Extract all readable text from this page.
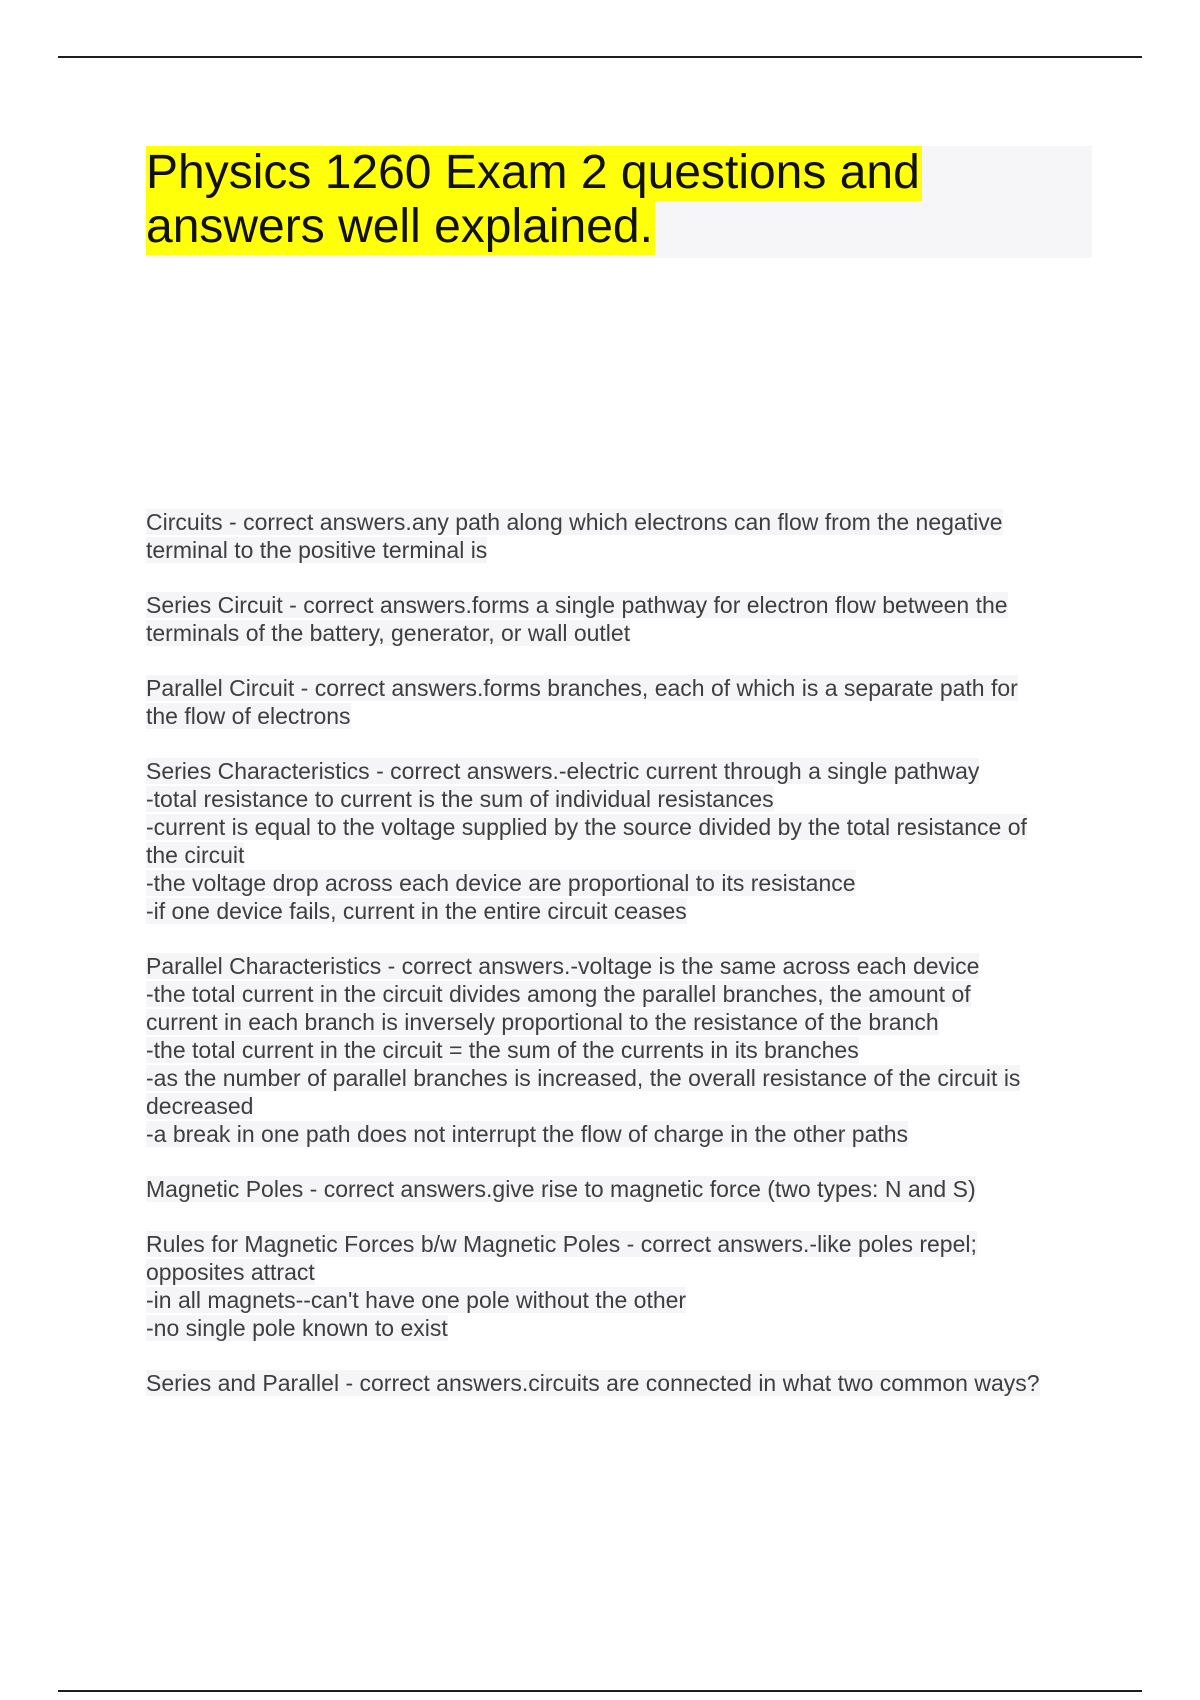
Physics 1260 Exam 2 questions and
answers well explained.
Circuits - correct answers.any path along which electrons can flow from the negative
terminal to the positive terminal is
Series Circuit - correct answers.forms a single pathway for electron flow between the
terminals of the battery, generator, or wall outlet
Parallel Circuit - correct answers.forms branches, each of which is a separate path for
the flow of electrons
Series Characteristics - correct answers.-electric current through a single pathway
-total resistance to current is the sum of individual resistances
-current is equal to the voltage supplied by the source divided by the total resistance of
the circuit
-the voltage drop across each device are proportional to its resistance
-if one device fails, current in the entire circuit ceases
Parallel Characteristics - correct answers.-voltage is the same across each device
-the total current in the circuit divides among the parallel branches, the amount of
current in each branch is inversely proportional to the resistance of the branch
-the total current in the circuit = the sum of the currents in its branches
-as the number of parallel branches is increased, the overall resistance of the circuit is
decreased
-a break in one path does not interrupt the flow of charge in the other paths
Magnetic Poles - correct answers.give rise to magnetic force (two types: N and S)
Rules for Magnetic Forces b/w Magnetic Poles - correct answers.-like poles repel;
opposites attract
-in all magnets--can't have one pole without the other
-no single pole known to exist
Series and Parallel - correct answers.circuits are connected in what two common ways?
